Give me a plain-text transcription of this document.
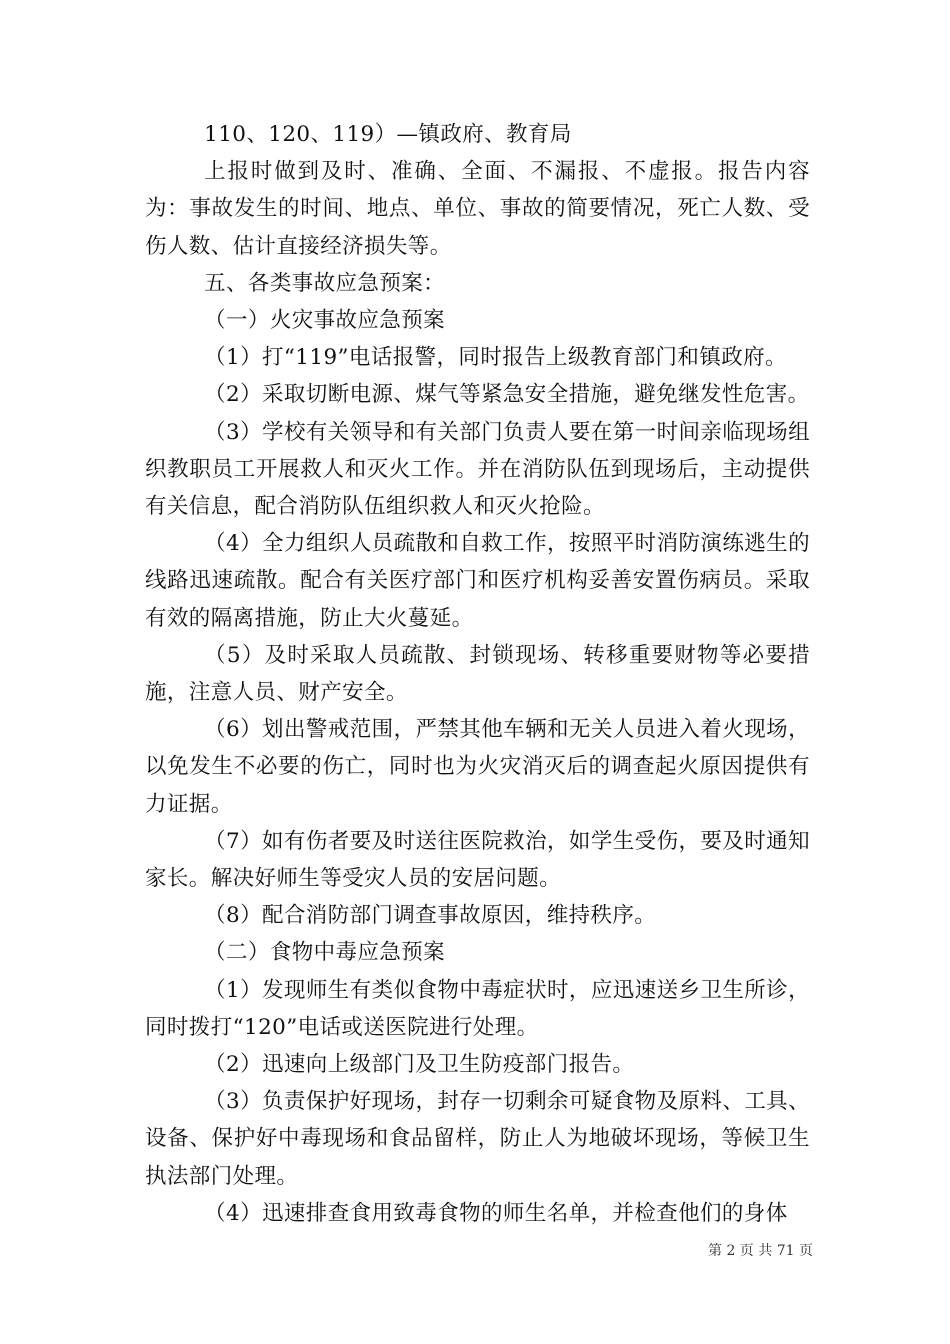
110、120、119）—镇政府、教育局

上报时做到及时、准确、全面、不漏报、不虚报。报告内容为：事故发生的时间、地点、单位、事故的简要情况，死亡人数、受伤人数、估计直接经济损失等。

五、各类事故应急预案：

（一）火灾事故应急预案

（1）打“119”电话报警，同时报告上级教育部门和镇政府。

（2）采取切断电源、煤气等紧急安全措施，避免继发性危害。

（3）学校有关领导和有关部门负责人要在第一时间亲临现场组织教职员工开展救人和灭火工作。并在消防队伍到现场后，主动提供有关信息，配合消防队伍组织救人和灭火抢险。

（4）全力组织人员疏散和自救工作，按照平时消防演练逃生的线路迅速疏散。配合有关医疗部门和医疗机构妥善安置伤病员。采取有效的隔离措施，防止大火蔓延。

（5）及时采取人员疏散、封锁现场、转移重要财物等必要措施，注意人员、财产安全。

（6）划出警戒范围，严禁其他车辆和无关人员进入着火现场，以免发生不必要的伤亡，同时也为火灾消灭后的调查起火原因提供有力证据。

（7）如有伤者要及时送往医院救治，如学生受伤，要及时通知家长。解决好师生等受灾人员的安居问题。

（8）配合消防部门调查事故原因，维持秩序。

（二）食物中毒应急预案

（1）发现师生有类似食物中毒症状时，应迅速送乡卫生所诊，同时拨打“120”电话或送医院进行处理。

（2）迅速向上级部门及卫生防疫部门报告。

（3）负责保护好现场，封存一切剩余可疑食物及原料、工具、设备、保护好中毒现场和食品留样，防止人为地破坏现场，等候卫生执法部门处理。

（4）迅速排查食用致毒食物的师生名单，并检查他们的身体

第 2 页 共 71 页
